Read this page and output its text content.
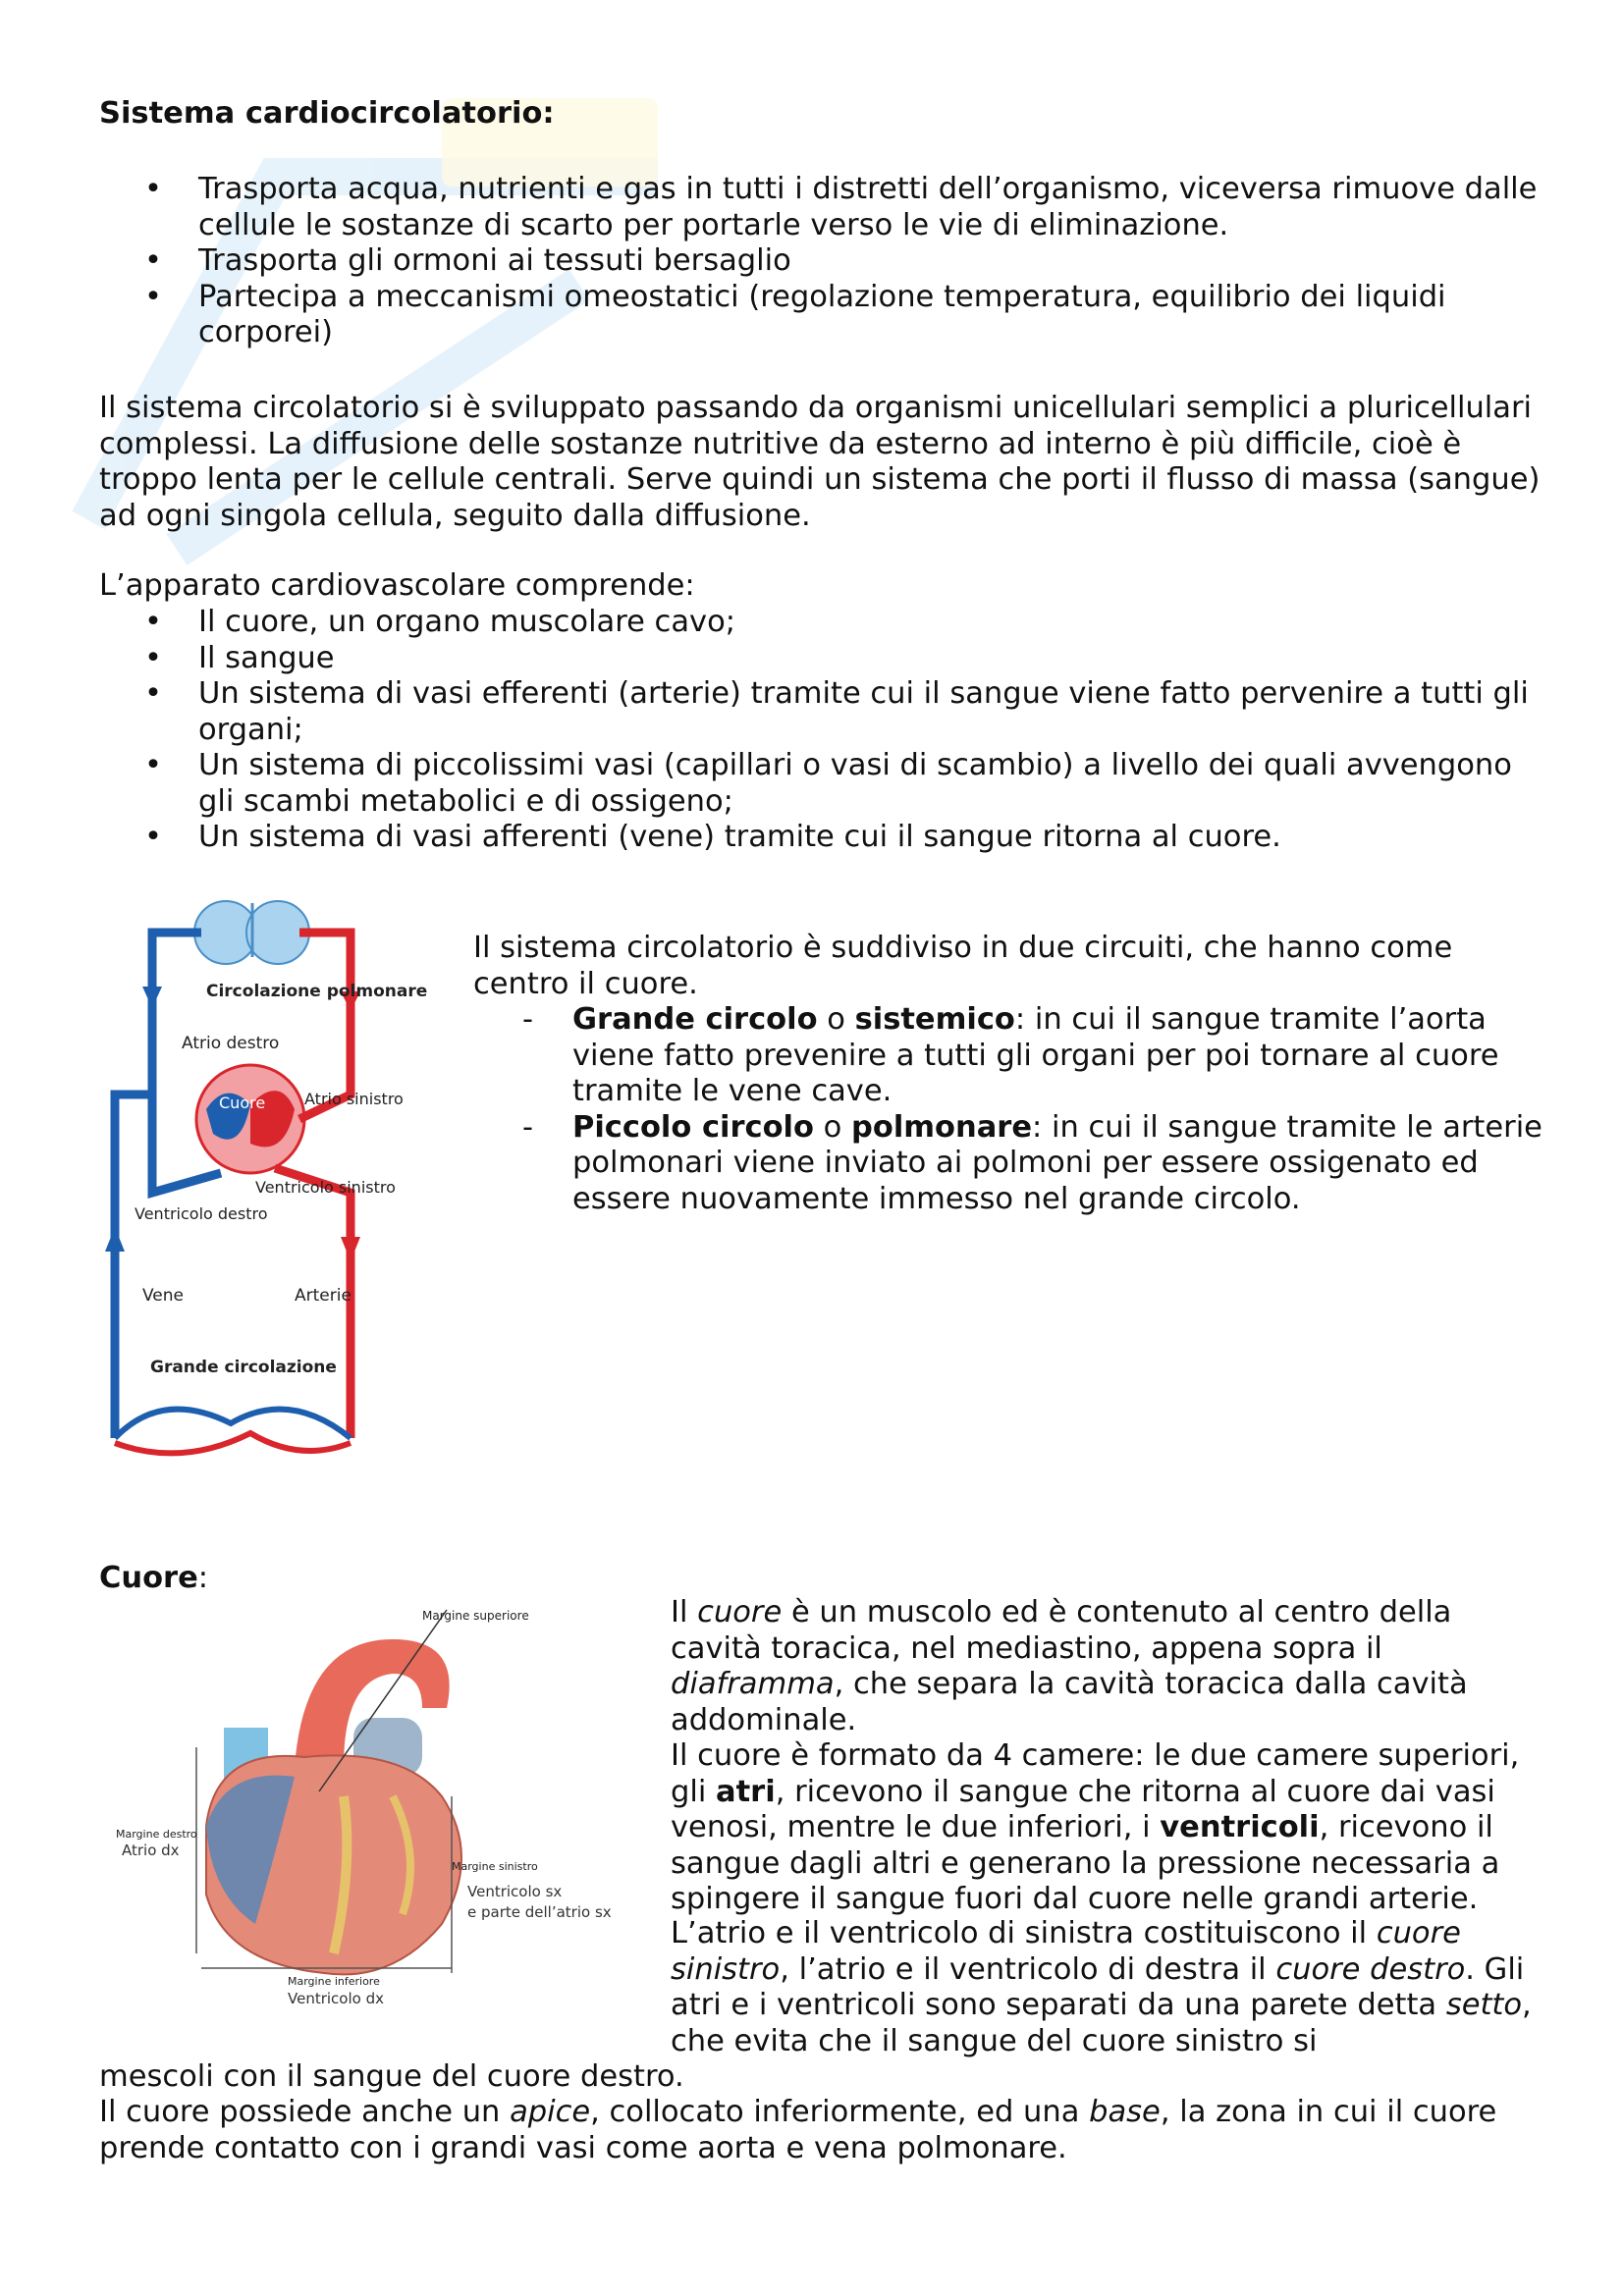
Sistema cardiocircolatorio:
• Trasporta acqua, nutrienti e gas in tutti i distretti dell’organismo, viceversa rimuove dalle cellule le sostanze di scarto per portarle verso le vie di eliminazione.
• Trasporta gli ormoni ai tessuti bersaglio
• Partecipa a meccanismi omeostatici (regolazione temperatura, equilibrio dei liquidi corporei)

Il sistema circolatorio si è sviluppato passando da organismi unicellulari semplici a pluricellulari complessi. La diffusione delle sostanze nutritive da esterno ad interno è più difficile, cioè è troppo lenta per le cellule centrali. Serve quindi un sistema che porti il flusso di massa (sangue) ad ogni singola cellula, seguito dalla diffusione.

L’apparato cardiovascolare comprende:

• Il cuore, un organo muscolare cavo;
• Il sangue
• Un sistema di vasi efferenti (arterie) tramite cui il sangue viene fatto pervenire a tutti gli organi;
• Un sistema di piccolissimi vasi (capillari o vasi di scambio) a livello dei quali avvengono gli scambi metabolici e di ossigeno;
• Un sistema di vasi afferenti (vene) tramite cui il sangue ritorna al cuore.
Circolazione polmonare
Atrio destro
Cuore Atrio sinistro
Ventricolo sinistro
Ventricolo destro
Vene	Arterie
Grande circolazione

Il sistema circolatorio è suddiviso in due circuiti, che hanno come centro il cuore.

- Grande circolo o sistemico: in cui il sangue tramite l’aorta viene fatto prevenire a tutti gli organi per poi tornare al cuore tramite le vene cave.
- Piccolo circolo o polmonare: in cui il sangue tramite le arterie polmonari viene inviato ai polmoni per essere ossigenato ed essere nuovamente immesso nel grande circolo.
Cuore:
Margine superiore
Margine destro
Atrio dx
Margine sinistro
Ventricolo sx
e parte dell’atrio sx
Margine inferiore
Ventricolo dx

Il cuore è un muscolo ed è contenuto al centro della cavità toracica, nel mediastino, appena sopra il diaframma, che separa la cavità toracica dalla cavità addominale.

Il cuore è formato da 4 camere: le due camere superiori, gli atri, ricevono il sangue che ritorna al cuore dai vasi venosi, mentre le due inferiori, i ventricoli, ricevono il sangue dagli altri e generano la pressione necessaria a spingere il sangue fuori dal cuore nelle grandi arterie.

L’atrio e il ventricolo di sinistra costituiscono il cuore sinistro, l’atrio e il ventricolo di destra il cuore destro. Gli atri e i ventricoli sono separati da una parete detta setto, che evita che il sangue del cuore sinistro si

mescoli con il sangue del cuore destro.

Il cuore possiede anche un apice, collocato inferiormente, ed una base, la zona in cui il cuore prende contatto con i grandi vasi come aorta e vena polmonare.
